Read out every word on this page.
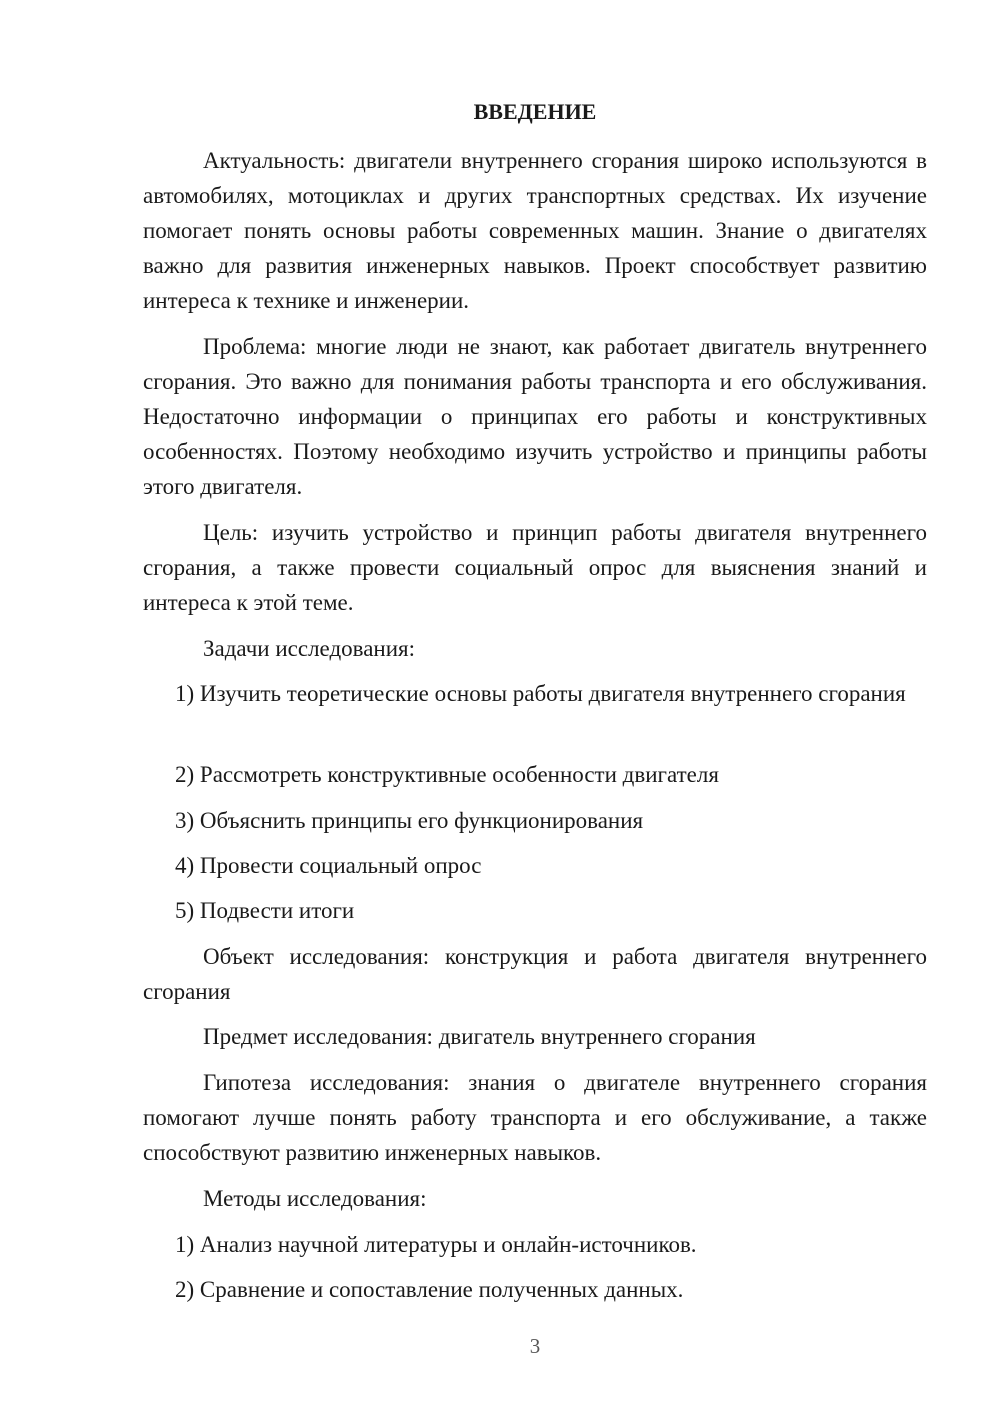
ВВЕДЕНИЕ

Актуальность: двигатели внутреннего сгорания широко используются в автомобилях, мотоциклах и других транспортных средствах. Их изучение помогает понять основы работы современных машин. Знание о двигателях важно для развития инженерных навыков. Проект способствует развитию интереса к технике и инженерии.

Проблема: многие люди не знают, как работает двигатель внутреннего сгорания. Это важно для понимания работы транспорта и его обслуживания. Недостаточно информации о принципах его работы и конструктивных особенностях. Поэтому необходимо изучить устройство и принципы работы этого двигателя.

Цель: изучить устройство и принцип работы двигателя внутреннего сгорания, а также провести социальный опрос для выяснения знаний и интереса к этой теме.

Задачи исследования:

1) Изучить теоретические основы работы двигателя внутреннего сгорания

2) Рассмотреть конструктивные особенности двигателя

3) Объяснить принципы его функционирования

4) Провести социальный опрос

5) Подвести итоги

Объект исследования: конструкция и работа двигателя внутреннего сгорания

Предмет исследования: двигатель внутреннего сгорания

Гипотеза исследования: знания о двигателе внутреннего сгорания помогают лучше понять работу транспорта и его обслуживание, а также способствуют развитию инженерных навыков.

Методы исследования:

1) Анализ научной литературы и онлайн-источников.

2) Сравнение и сопоставление полученных данных.

3
